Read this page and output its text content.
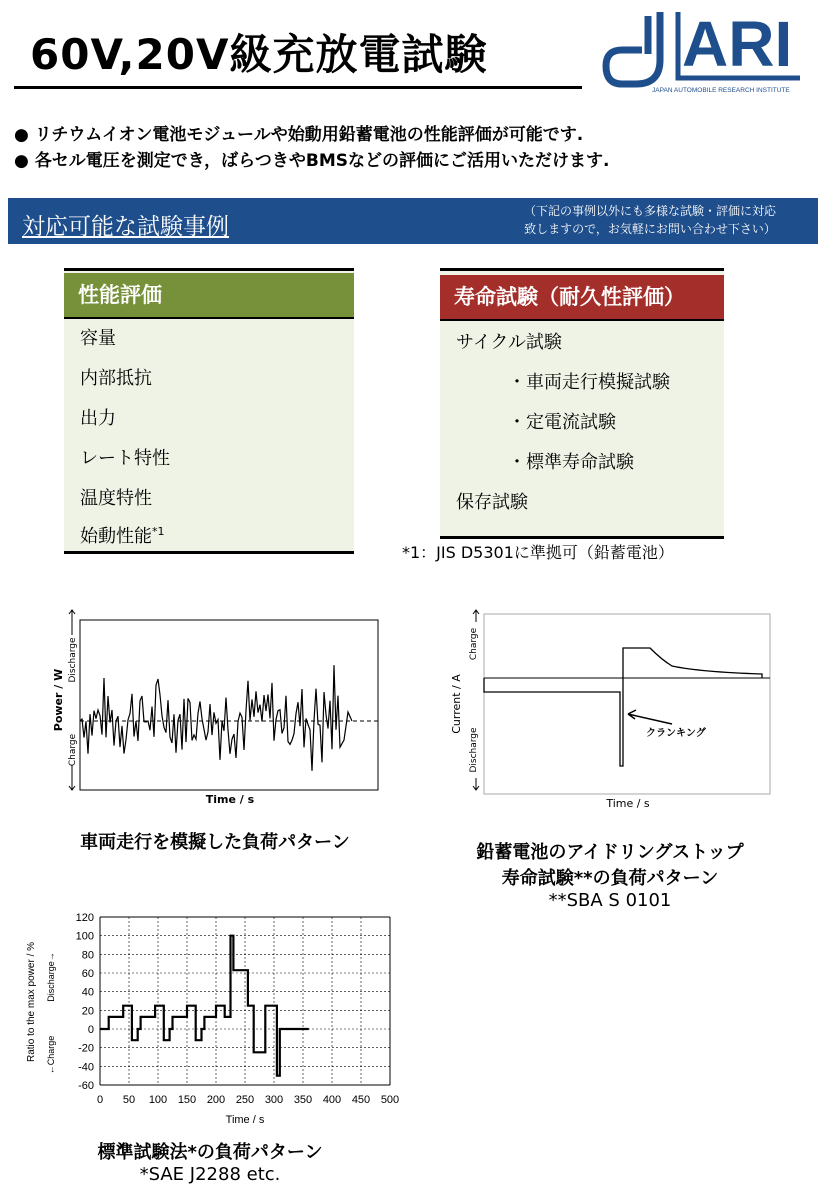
60V,20V級充放電試験	ARI
JAPAN AUTOMOBILE RESEARCH INSTITUTE
● リチウムイオン電池モジュールや始動用鉛蓄電池の性能評価が可能です.
● 各セル電圧を測定でき，ばらつきやBMSなどの評価にご活用いただけます.
対応可能な試験事例
（下記の事例以外にも多様な試験・評価に対応
致しますので，お気軽にお問い合わせ下さい）
性能評価
容量
内部抵抗
出力
レート特性
温度特性
始動性能$^{*1}$
寿命試験（耐久性評価）
サイクル試験
・車両走行模擬試験
・定電流試験
・標準寿命試験
保存試験
*1：JIS D5301に準拠可（鉛蓄電池）
Power / W
Discharge
Charge
Time / s
車両走行を模擬した負荷パターン
クランキング
Current / A
Charge
Discharge
Time / s
鉛蓄電池のアイドリングストップ
寿命試験**の負荷パターン
**SBA S 0101
-60
-40
-20
0
20
40
60
80
100
120
0 50 100 150 200 250 300 350 400 450 500
Ratio to the max power / % Discharge→
←Charge
Time / s
標準試験法*の負荷パターン
*SAE J2288 etc.
